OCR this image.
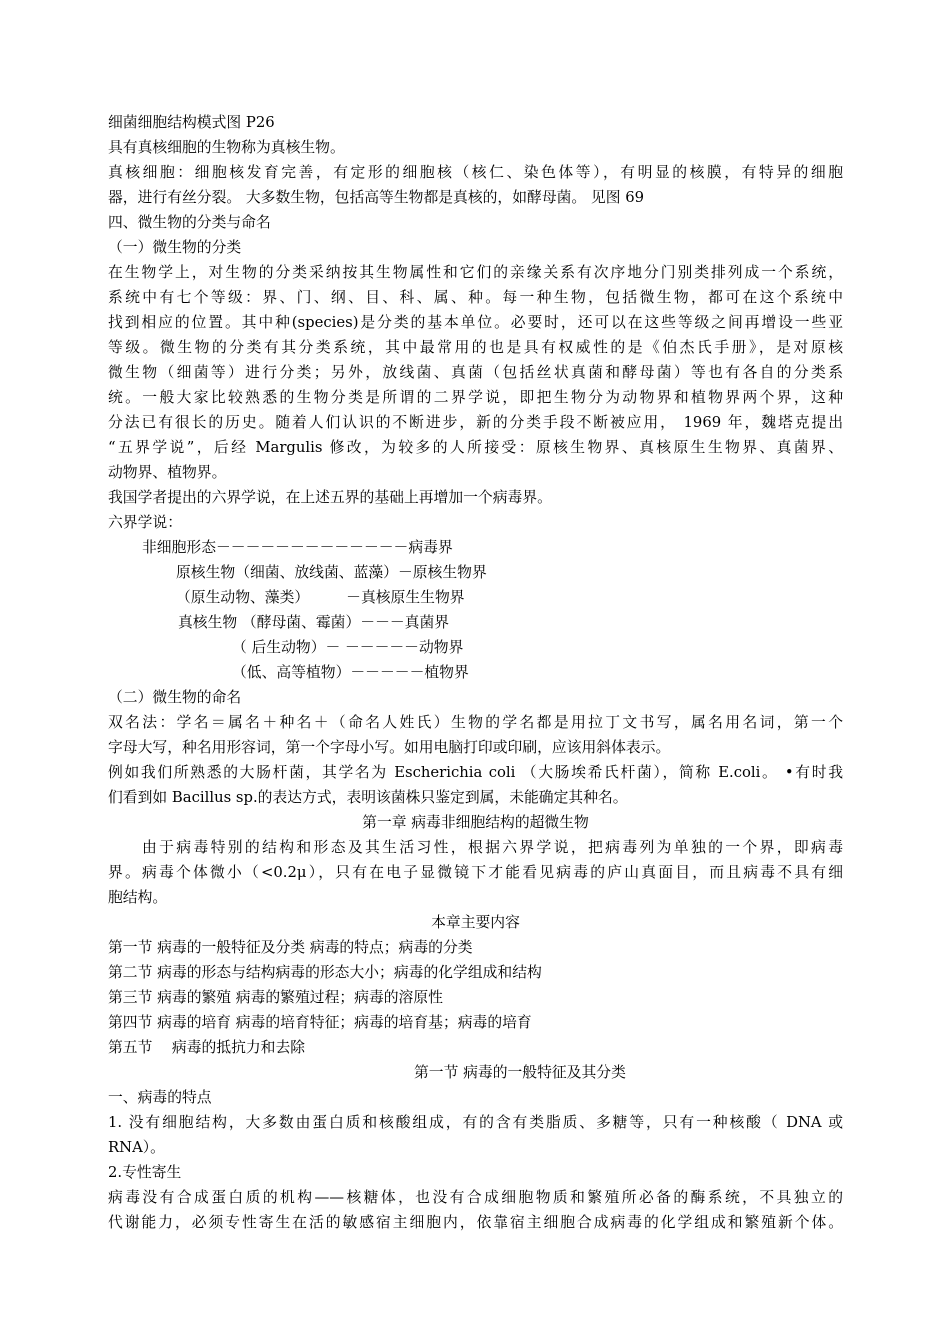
细菌细胞结构模式图 P26
具有真核细胞的生物称为真核生物。
真核细胞：细胞核发育完善，有定形的细胞核（核仁、染色体等），有明显的核膜，有特异的细胞
器，进行有丝分裂。 大多数生物，包括高等生物都是真核的，如酵母菌。 见图 69
四、微生物的分类与命名
（一）微生物的分类
在生物学上，对生物的分类采纳按其生物属性和它们的亲缘关系有次序地分门别类排列成一个系统，
系统中有七个等级：界、门、纲、目、科、属、种。每一种生物，包括微生物，都可在这个系统中
找到相应的位置。其中种(species)是分类的基本单位。必要时，还可以在这些等级之间再增设一些亚
等级。微生物的分类有其分类系统，其中最常用的也是具有权威性的是《伯杰氏手册》，是对原核
微生物（细菌等）进行分类；另外，放线菌、真菌（包括丝状真菌和酵母菌）等也有各自的分类系
统。一般大家比较熟悉的生物分类是所谓的二界学说，即把生物分为动物界和植物界两个界，这种
分法已有很长的历史。随着人们认识的不断进步，新的分类手段不断被应用， 1969 年，魏塔克提出
“五界学说”，后经 Margulis 修改，为较多的人所接受：原核生物界、真核原生生物界、真菌界、
动物界、植物界。
我国学者提出的六界学说，在上述五界的基础上再增加一个病毒界。
六界学说：
非细胞形态－－－－－－－－－－－－－病毒界
原核生物（细菌、放线菌、蓝藻）－原核生物界
（原生动物、藻类）　　　－真核原生生物界
真核生物 （酵母菌、霉菌）－－－真菌界
（ 后生动物）－ －－－－－动物界
（低、高等植物）－－－－－植物界
（二）微生物的命名
双名法：学名＝属名＋种名＋（命名人姓氏）生物的学名都是用拉丁文书写，属名用名词，第一个
字母大写，种名用形容词，第一个字母小写。如用电脑打印或印刷，应该用斜体表示。
例如我们所熟悉的大肠杆菌，其学名为 Escherichia coli （大肠埃希氏杆菌），简称 E.coli。 •有时我
们看到如 Bacillus sp.的表达方式，表明该菌株只鉴定到属，未能确定其种名。
第一章 病毒非细胞结构的超微生物
由于病毒特别的结构和形态及其生活习性，根据六界学说，把病毒列为单独的一个界，即病毒
界。病毒个体微小（<0.2μ），只有在电子显微镜下才能看见病毒的庐山真面目，而且病毒不具有细
胞结构。
本章主要内容
第一节 病毒的一般特征及分类 病毒的特点；病毒的分类
第二节 病毒的形态与结构病毒的形态大小；病毒的化学组成和结构
第三节 病毒的繁殖 病毒的繁殖过程；病毒的溶原性
第四节 病毒的培育 病毒的培育特征；病毒的培育基；病毒的培育
第五节 　病毒的抵抗力和去除
第一节 病毒的一般特征及其分类
一、病毒的特点
1. 没有细胞结构，大多数由蛋白质和核酸组成，有的含有类脂质、多糖等，只有一种核酸（ DNA 或
RNA）。
2.专性寄生
病毒没有合成蛋白质的机构——核糖体，也没有合成细胞物质和繁殖所必备的酶系统，不具独立的
代谢能力，必须专性寄生在活的敏感宿主细胞内，依靠宿主细胞合成病毒的化学组成和繁殖新个体。
